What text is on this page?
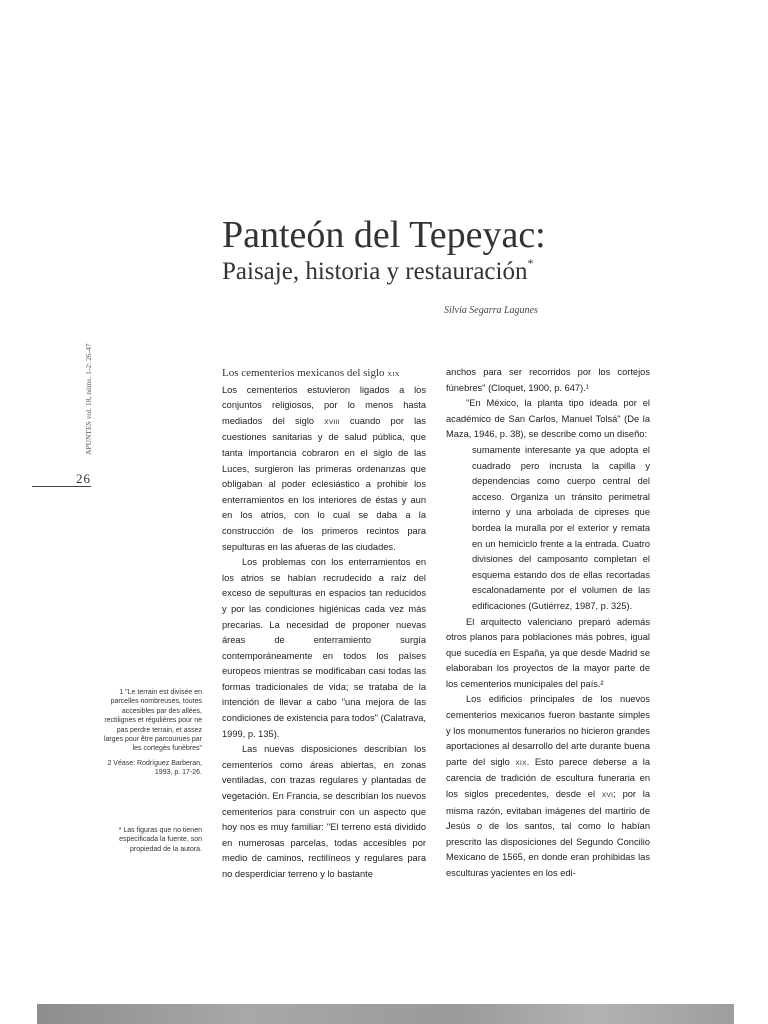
Panteón del Tepeyac:
Paisaje, historia y restauración*
Silvia Segarra Lagunes
APUNTES vol. 18, núms. 1-2: 26-47
26

1 "Le terrain est divisée en parcelles nombreuses, toutes accesibles par des allées, rectilignes et régulières pour ne pas perdre terrain, et assez larges pour être parcourues par les cortegès funèbres"

2 Véase: Rodríguez Barberan, 1993, p. 17-26.

* Las figuras que no tienen especificada la fuente, son propiedad de la autora.

Los cementerios mexicanos del siglo XIX

Los cementerios estuvieron ligados a los conjuntos religiosos, por lo menos hasta mediados del siglo XVIII cuando por las cuestiones sanitarias y de salud pública, que tanta importancia cobraron en el siglo de las Luces, surgieron las primeras ordenanzas que obligaban al poder eclesiástico a prohibir los enterramientos en los interiores de éstas y aun en los atrios, con lo cual se daba a la construcción de los primeros recintos para sepulturas en las afueras de las ciudades.

Los problemas con los enterramientos en los atrios se habían recrudecido a raíz del exceso de sepulturas en espacios tan reducidos y por las condiciones higiénicas cada vez más precarias. La necesidad de proponer nuevas áreas de enterramiento surgía contemporáneamente en todos los países europeos mientras se modificaban casi todas las formas tradicionales de vida; se trataba de la intención de llevar a cabo "una mejora de las condiciones de existencia para todos" (Calatrava, 1999, p. 135).

Las nuevas disposiciones describían los cementerios como áreas abiertas, en zonas ventiladas, con trazas regulares y plantadas de vegetación. En Francia, se describían los nuevos cementerios para construir con un aspecto que hoy nos es muy familiar: "El terreno está dividido en numerosas parcelas, todas accesibles por medio de caminos, rectilíneos y regulares para no desperdiciar terreno y lo bastante

anchos para ser recorridos por los cortejos fúnebres" (Cloquet, 1900, p. 647).¹

"En México, la planta tipo ideada por el académico de San Carlos, Manuel Tolsá" (De la Maza, 1946, p. 38), se describe como un diseño:

sumamente interesante ya que adopta el cuadrado pero incrusta la capilla y dependencias como cuerpo central del acceso. Organiza un tránsito perimetral interno y una arbolada de cipreses que bordea la muralla por el exterior y remata en un hemiciclo frente a la entrada. Cuatro divisiones del camposanto completan el esquema estando dos de ellas recortadas escalonadamente por el volumen de las edificaciones (Gutiérrez, 1987, p. 325).

El arquitecto valenciano preparó además otros planos para poblaciones más pobres, igual que sucedía en España, ya que desde Madrid se elaboraban los proyectos de la mayor parte de los cementerios municipales del país.²

Los edificios principales de los nuevos cementerios mexicanos fueron bastante simples y los monumentos funerarios no hicieron grandes aportaciones al desarrollo del arte durante buena parte del siglo XIX. Esto parece deberse a la carencia de tradición de escultura funeraria en los siglos precedentes, desde el XVI; por la misma razón, evitaban imágenes del martirio de Jesús o de los santos, tal como lo habían prescrito las disposiciones del Segundo Concilio Mexicano de 1565, en donde eran prohibidas las esculturas yacientes en los edi-
